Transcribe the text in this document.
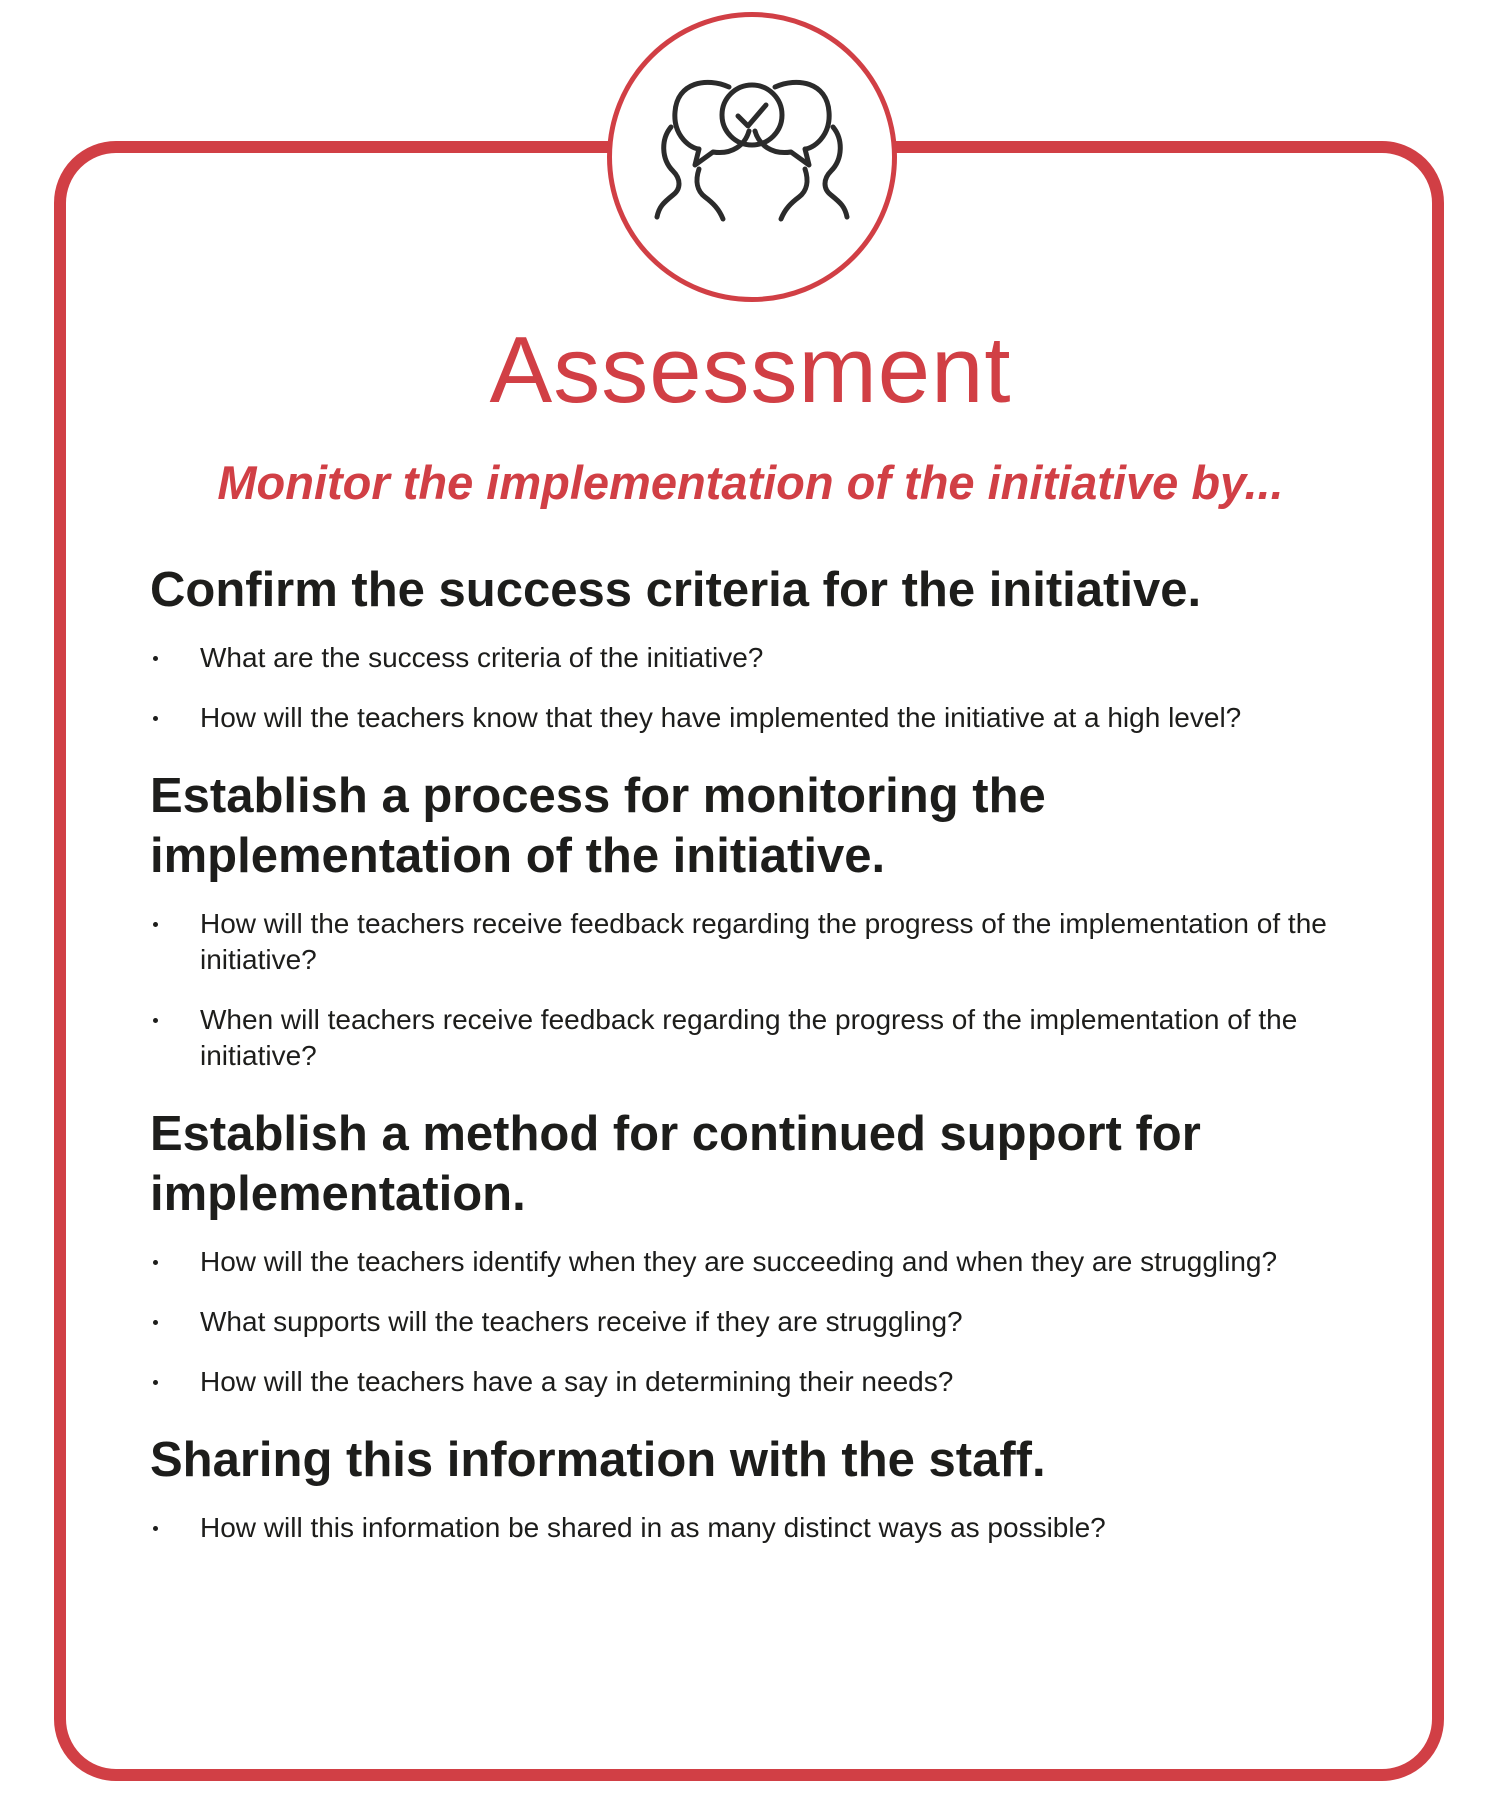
Assessment
Monitor the implementation of the initiative by...
Confirm the success criteria for the initiative.
What are the success criteria of the initiative?
How will the teachers know that they have implemented the initiative at a high level?
Establish a process for monitoring the implementation of the initiative.
How will the teachers receive feedback regarding the progress of the implementation of the initiative?
When will teachers receive feedback regarding the progress of the implementation of the initiative?
Establish a method for continued support for implementation.
How will the teachers identify when they are succeeding and when they are struggling?
What supports will the teachers receive if they are struggling?
How will the teachers have a say in determining their needs?
Sharing this information with the staff.
How will this information be shared in as many distinct ways as possible?
